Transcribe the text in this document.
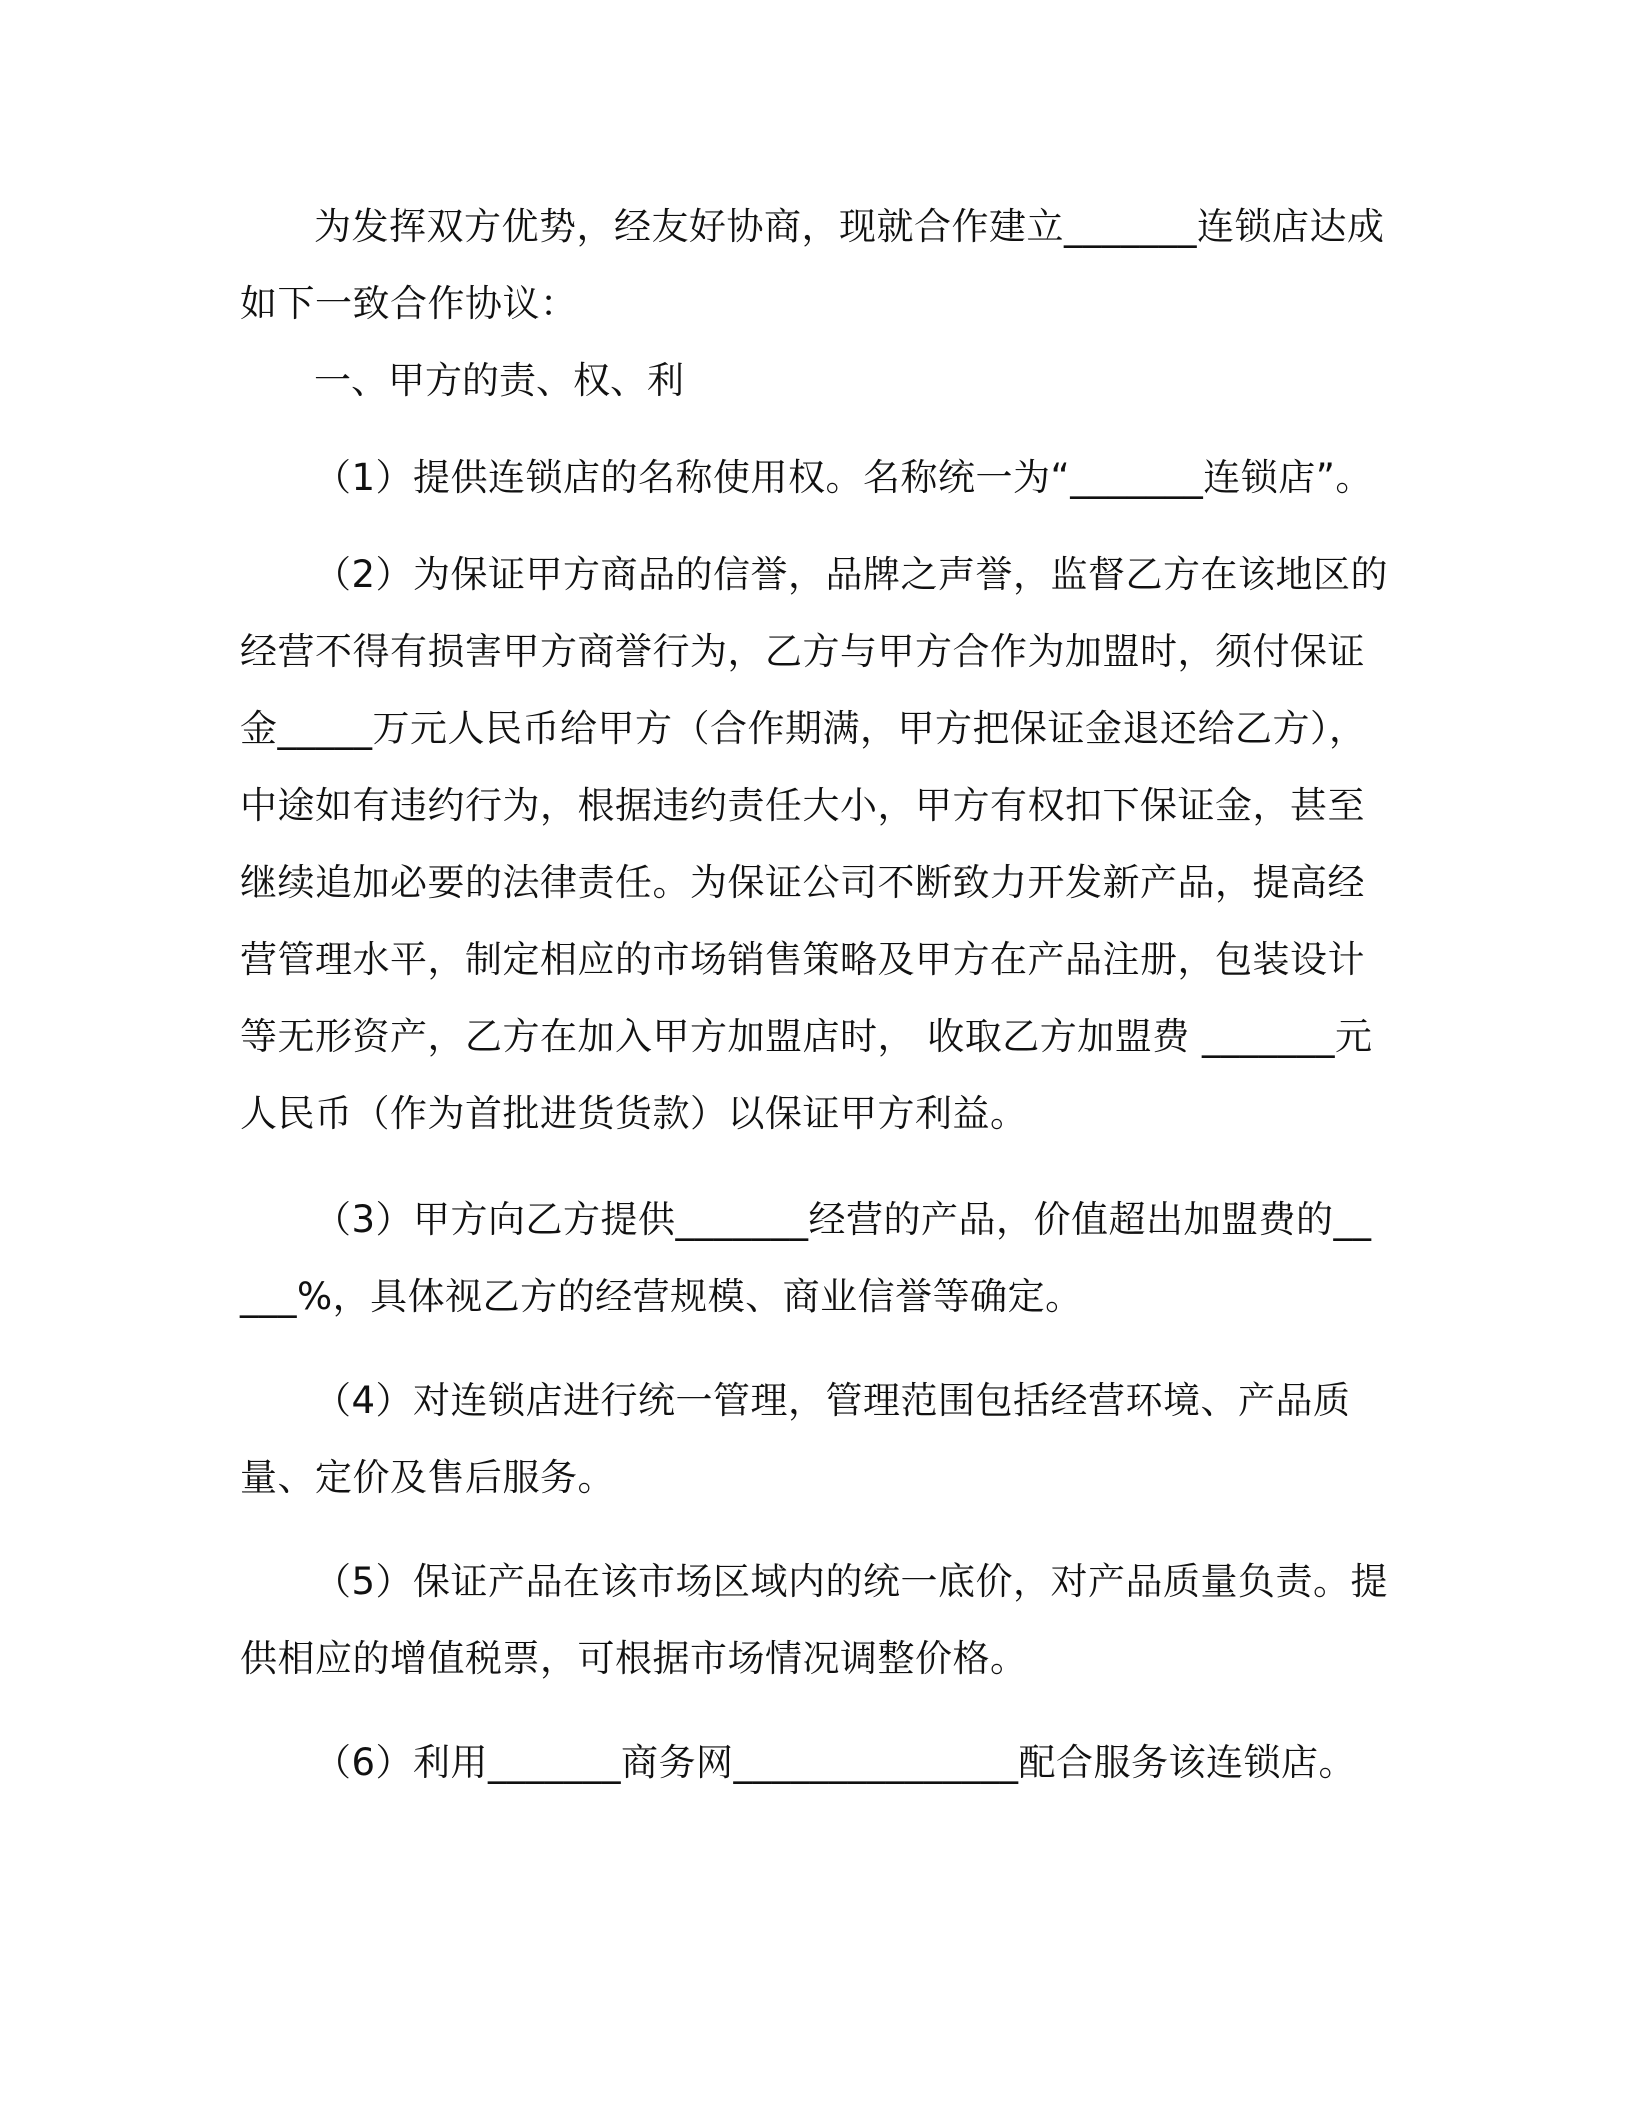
为发挥双方优势，经友好协商，现就合作建立_______连锁店达成如下一致合作协议：

一、甲方的责、权、利

（1）提供连锁店的名称使用权。名称统一为“_______连锁店”。

（2）为保证甲方商品的信誉，品牌之声誉，监督乙方在该地区的经营不得有损害甲方商誉行为，乙方与甲方合作为加盟时，须付保证金_____万元人民币给甲方（合作期满，甲方把保证金退还给乙方），中途如有违约行为，根据违约责任大小，甲方有权扣下保证金，甚至继续追加必要的法律责任。为保证公司不断致力开发新产品，提高经营管理水平，制定相应的市场销售策略及甲方在产品注册，包装设计等无形资产，乙方在加入甲方加盟店时， 收取乙方加盟费 _______元人民币（作为首批进货货款）以保证甲方利益。

（3）甲方向乙方提供_______经营的产品，价值超出加盟费的_____%，具体视乙方的经营规模、商业信誉等确定。

（4）对连锁店进行统一管理，管理范围包括经营环境、产品质量、定价及售后服务。

（5）保证产品在该市场区域内的统一底价，对产品质量负责。提供相应的增值税票，可根据市场情况调整价格。

（6）利用_______商务网_______________配合服务该连锁店。
